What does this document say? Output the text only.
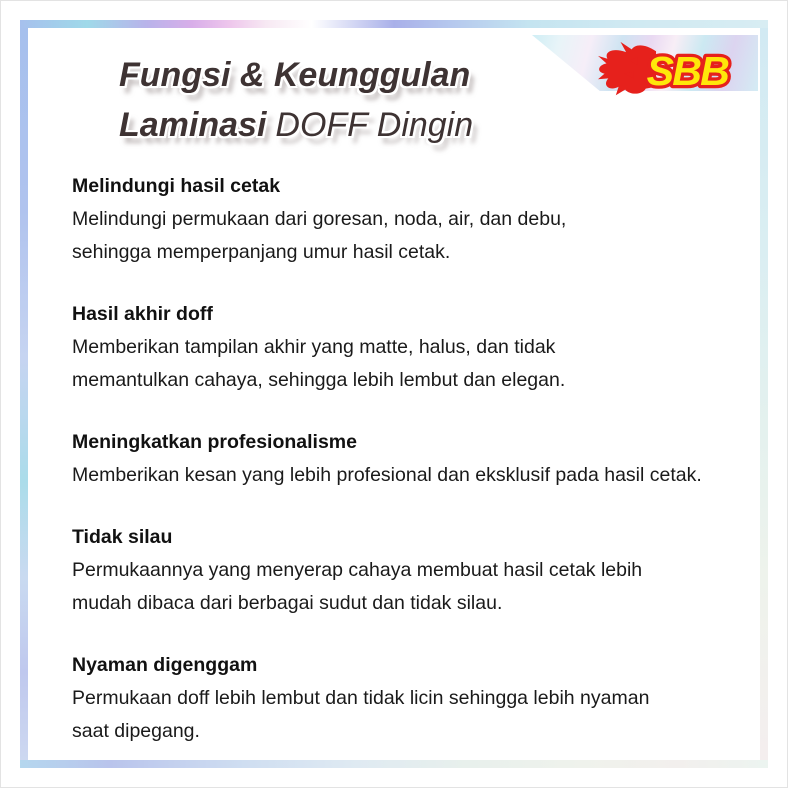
SBB
Fungsi & Keunggulan
Laminasi DOFF Dingin
Melindungi hasil cetak
Melindungi permukaan dari goresan, noda, air, dan debu,
sehingga memperpanjang umur hasil cetak.
Hasil akhir doff
Memberikan tampilan akhir yang matte, halus, dan tidak
memantulkan cahaya, sehingga lebih lembut dan elegan.
Meningkatkan profesionalisme
Memberikan kesan yang lebih profesional dan eksklusif pada hasil cetak.
Tidak silau
Permukaannya yang menyerap cahaya membuat hasil cetak lebih
mudah dibaca dari berbagai sudut dan tidak silau.
Nyaman digenggam
Permukaan doff lebih lembut dan tidak licin sehingga lebih nyaman
saat dipegang.
